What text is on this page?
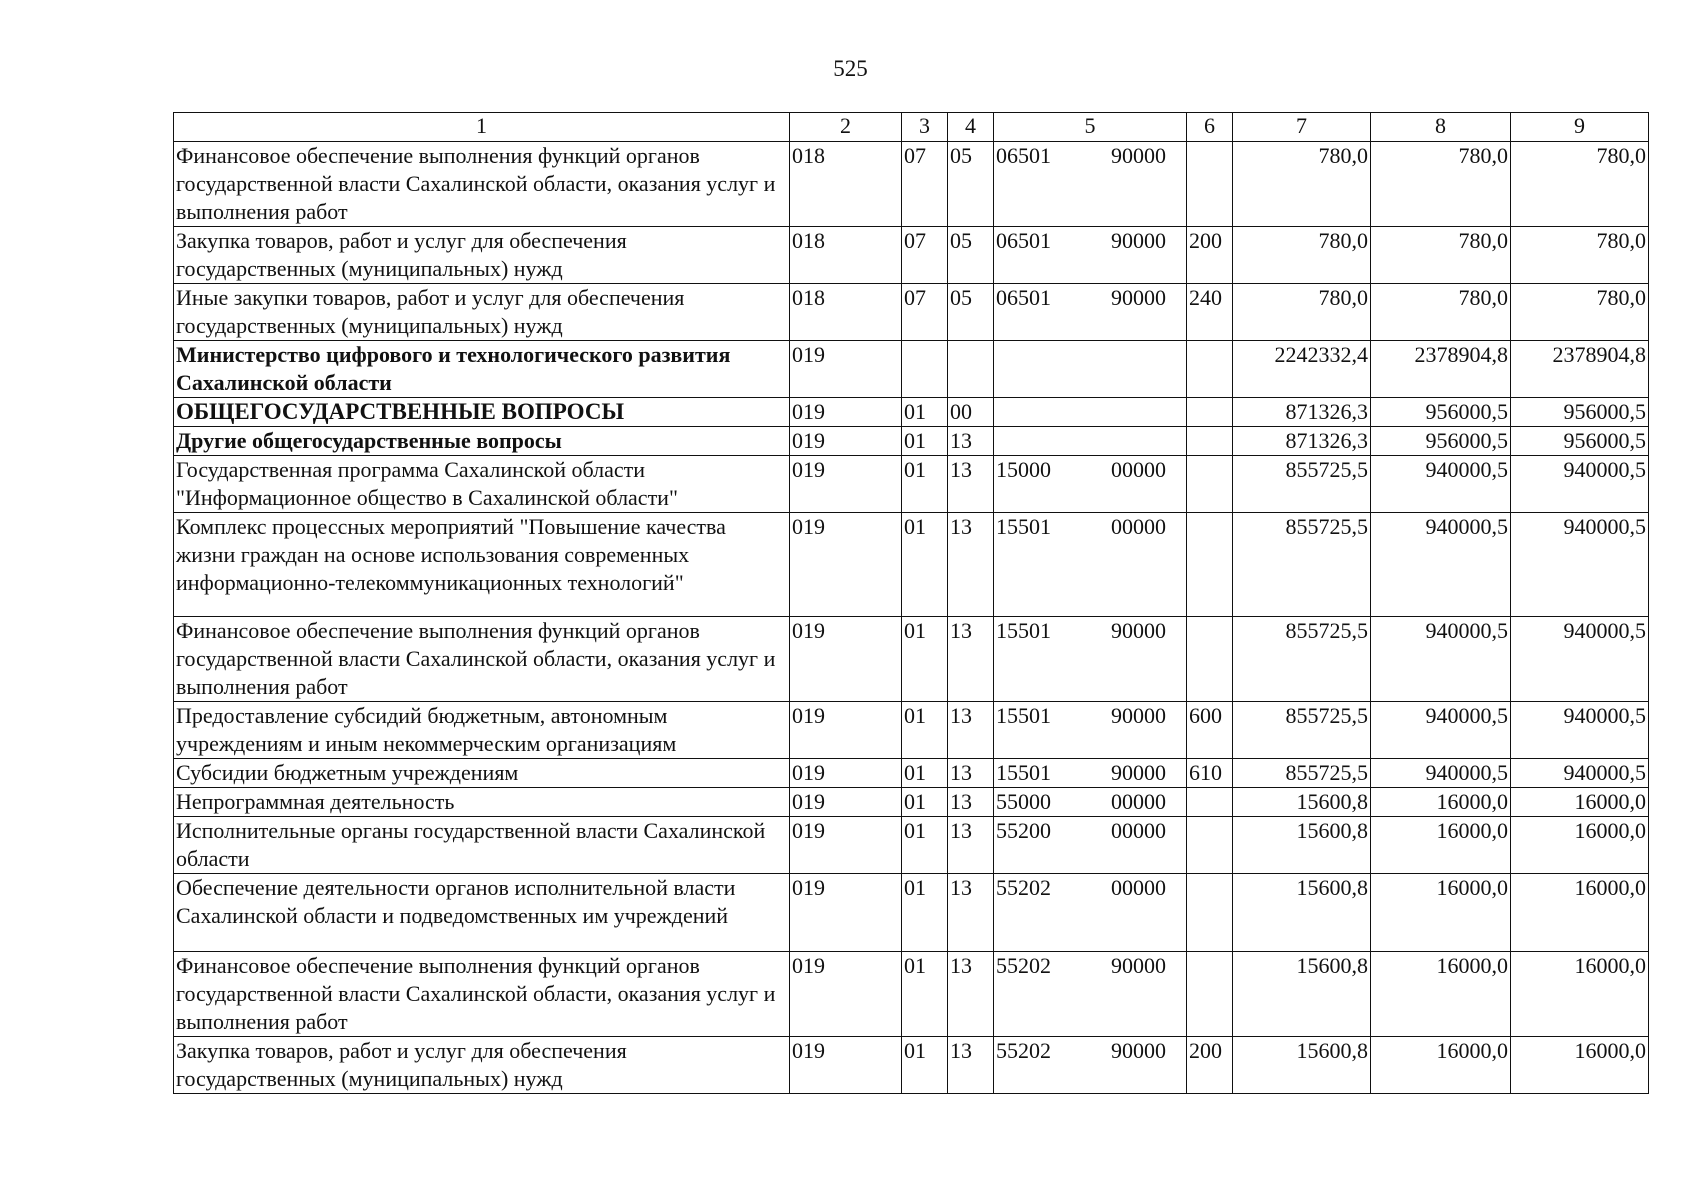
525
1	2	3	4	5	6	7	8	9
Финансовое обеспечение выполнения функций органов государственной власти Сахалинской области, оказания услуг и выполнения работ	018	07	05	06501 90000		780,0	780,0	780,0
Закупка товаров, работ и услуг для обеспечения государственных (муниципальных) нужд	018	07	05	06501 90000	200	780,0	780,0	780,0
Иные закупки товаров, работ и услуг для обеспечения государственных (муниципальных) нужд	018	07	05	06501 90000	240	780,0	780,0	780,0
Министерство цифрового и технологического развития Сахалинской области	019					2242332,4	2378904,8	2378904,8
ОБЩЕГОСУДАРСТВЕННЫЕ ВОПРОСЫ	019	01	00			871326,3	956000,5	956000,5
Другие общегосударственные вопросы	019	01	13			871326,3	956000,5	956000,5
Государственная программа Сахалинской области "Информационное общество в Сахалинской области"	019	01	13	15000 00000		855725,5	940000,5	940000,5
Комплекс процессных мероприятий "Повышение качества жизни граждан на основе использования современных информационно-телекоммуникационных технологий"	019	01	13	15501 00000		855725,5	940000,5	940000,5
Финансовое обеспечение выполнения функций органов государственной власти Сахалинской области, оказания услуг и выполнения работ	019	01	13	15501 90000		855725,5	940000,5	940000,5
Предоставление субсидий бюджетным, автономным учреждениям и иным некоммерческим организациям	019	01	13	15501 90000	600	855725,5	940000,5	940000,5
Субсидии бюджетным учреждениям	019	01	13	15501 90000	610	855725,5	940000,5	940000,5
Непрограммная деятельность	019	01	13	55000 00000		15600,8	16000,0	16000,0
Исполнительные органы государственной власти Сахалинской области	019	01	13	55200 00000		15600,8	16000,0	16000,0
Обеспечение деятельности органов исполнительной власти Сахалинской области и подведомственных им учреждений	019	01	13	55202 00000		15600,8	16000,0	16000,0
Финансовое обеспечение выполнения функций органов государственной власти Сахалинской области, оказания услуг и выполнения работ	019	01	13	55202 90000		15600,8	16000,0	16000,0
Закупка товаров, работ и услуг для обеспечения государственных (муниципальных) нужд	019	01	13	55202 90000	200	15600,8	16000,0	16000,0
